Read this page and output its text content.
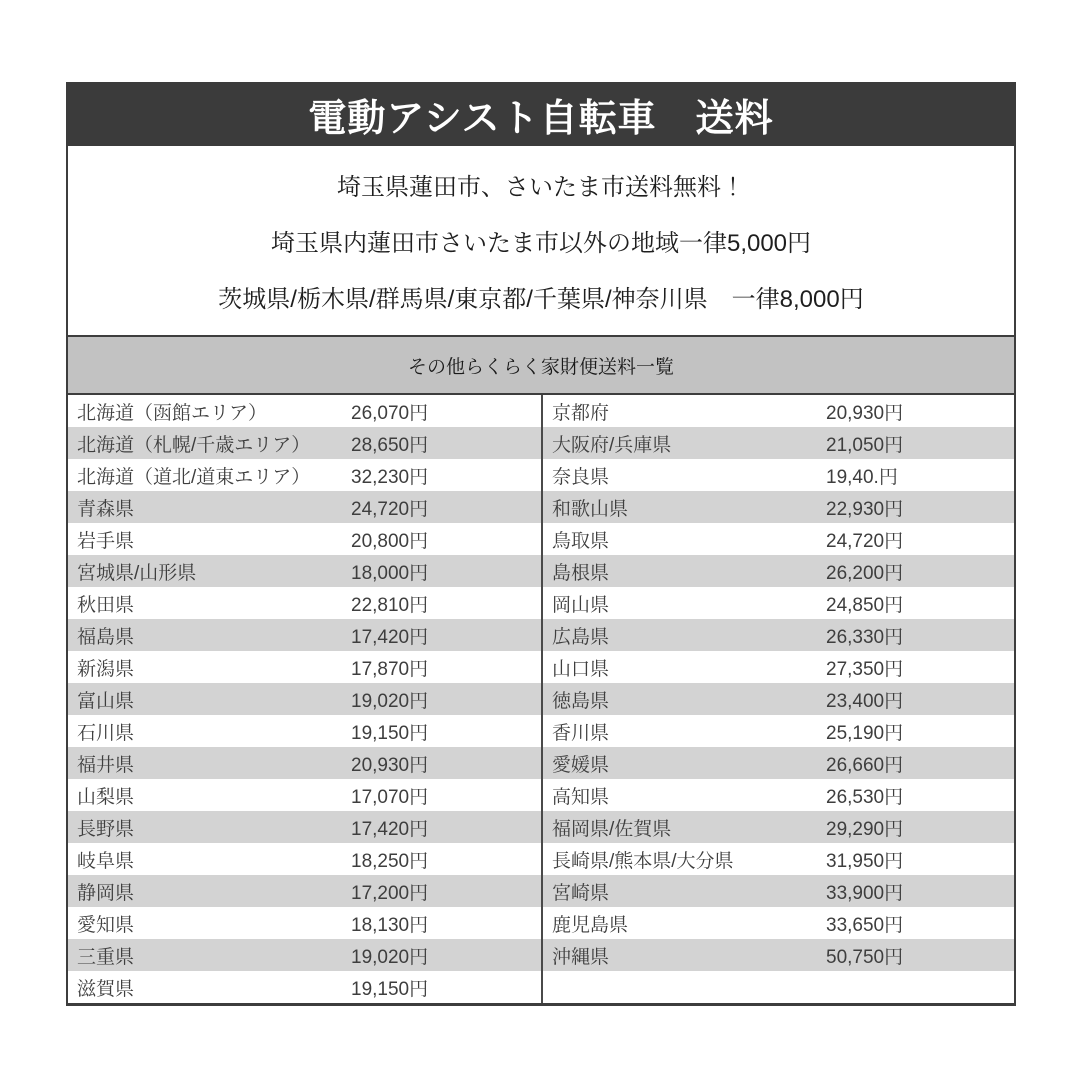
電動アシスト自転車　送料
埼玉県蓮田市、さいたま市送料無料！
埼玉県内蓮田市さいたま市以外の地域一律5,000円
茨城県/栃木県/群馬県/東京都/千葉県/神奈川県　一律8,000円
その他らくらく家財便送料一覧
北海道（函館エリア）	26,070円
北海道（札幌/千歳エリア）	28,650円
北海道（道北/道東エリア）	32,230円
青森県	24,720円
岩手県	20,800円
宮城県/山形県	18,000円
秋田県	22,810円
福島県	17,420円
新潟県	17,870円
富山県	19,020円
石川県	19,150円
福井県	20,930円
山梨県	17,070円
長野県	17,420円
岐阜県	18,250円
静岡県	17,200円
愛知県	18,130円
三重県	19,020円
滋賀県	19,150円
京都府	20,930円
大阪府/兵庫県	21,050円
奈良県	19,40.円
和歌山県	22,930円
鳥取県	24,720円
島根県	26,200円
岡山県	24,850円
広島県	26,330円
山口県	27,350円
徳島県	23,400円
香川県	25,190円
愛媛県	26,660円
高知県	26,530円
福岡県/佐賀県	29,290円
長崎県/熊本県/大分県	31,950円
宮崎県	33,900円
鹿児島県	33,650円
沖縄県	50,750円
